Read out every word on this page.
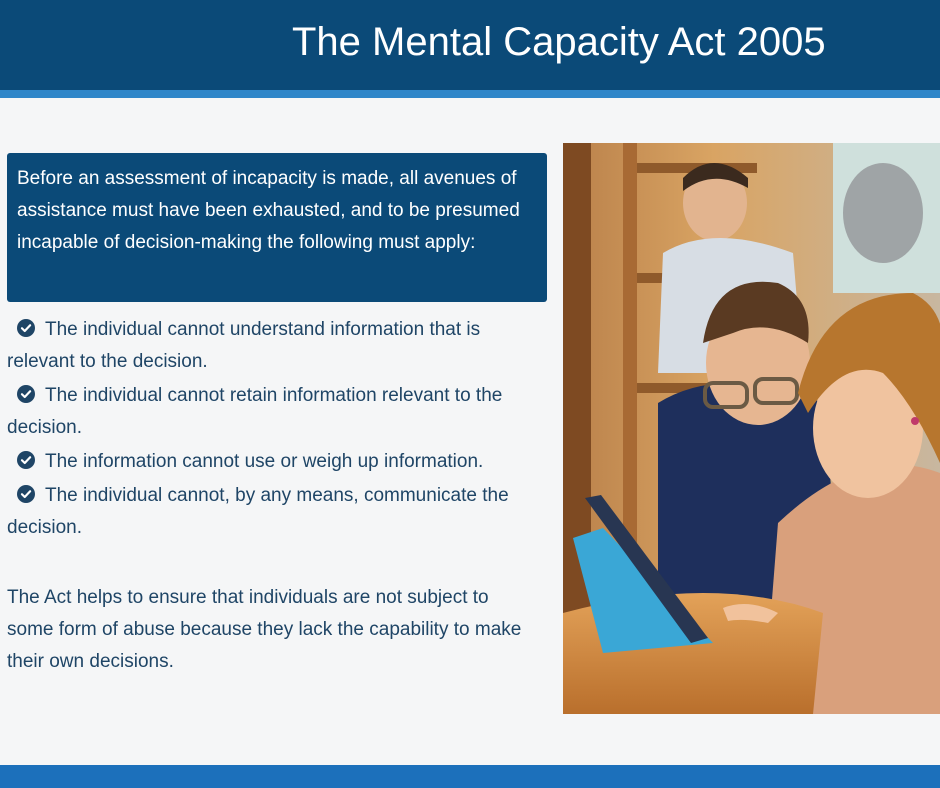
The Mental Capacity Act 2005
Before an assessment of incapacity is made, all avenues of assistance must have been exhausted, and to be presumed incapable of decision-making the following must apply:
The individual cannot understand information that is relevant to the decision.
The individual cannot retain information relevant to the decision.
The information cannot use or weigh up information.
The individual cannot, by any means, communicate the decision.

The Act helps to ensure that individuals are not subject to some form of abuse because they lack the capability to make their own decisions.
